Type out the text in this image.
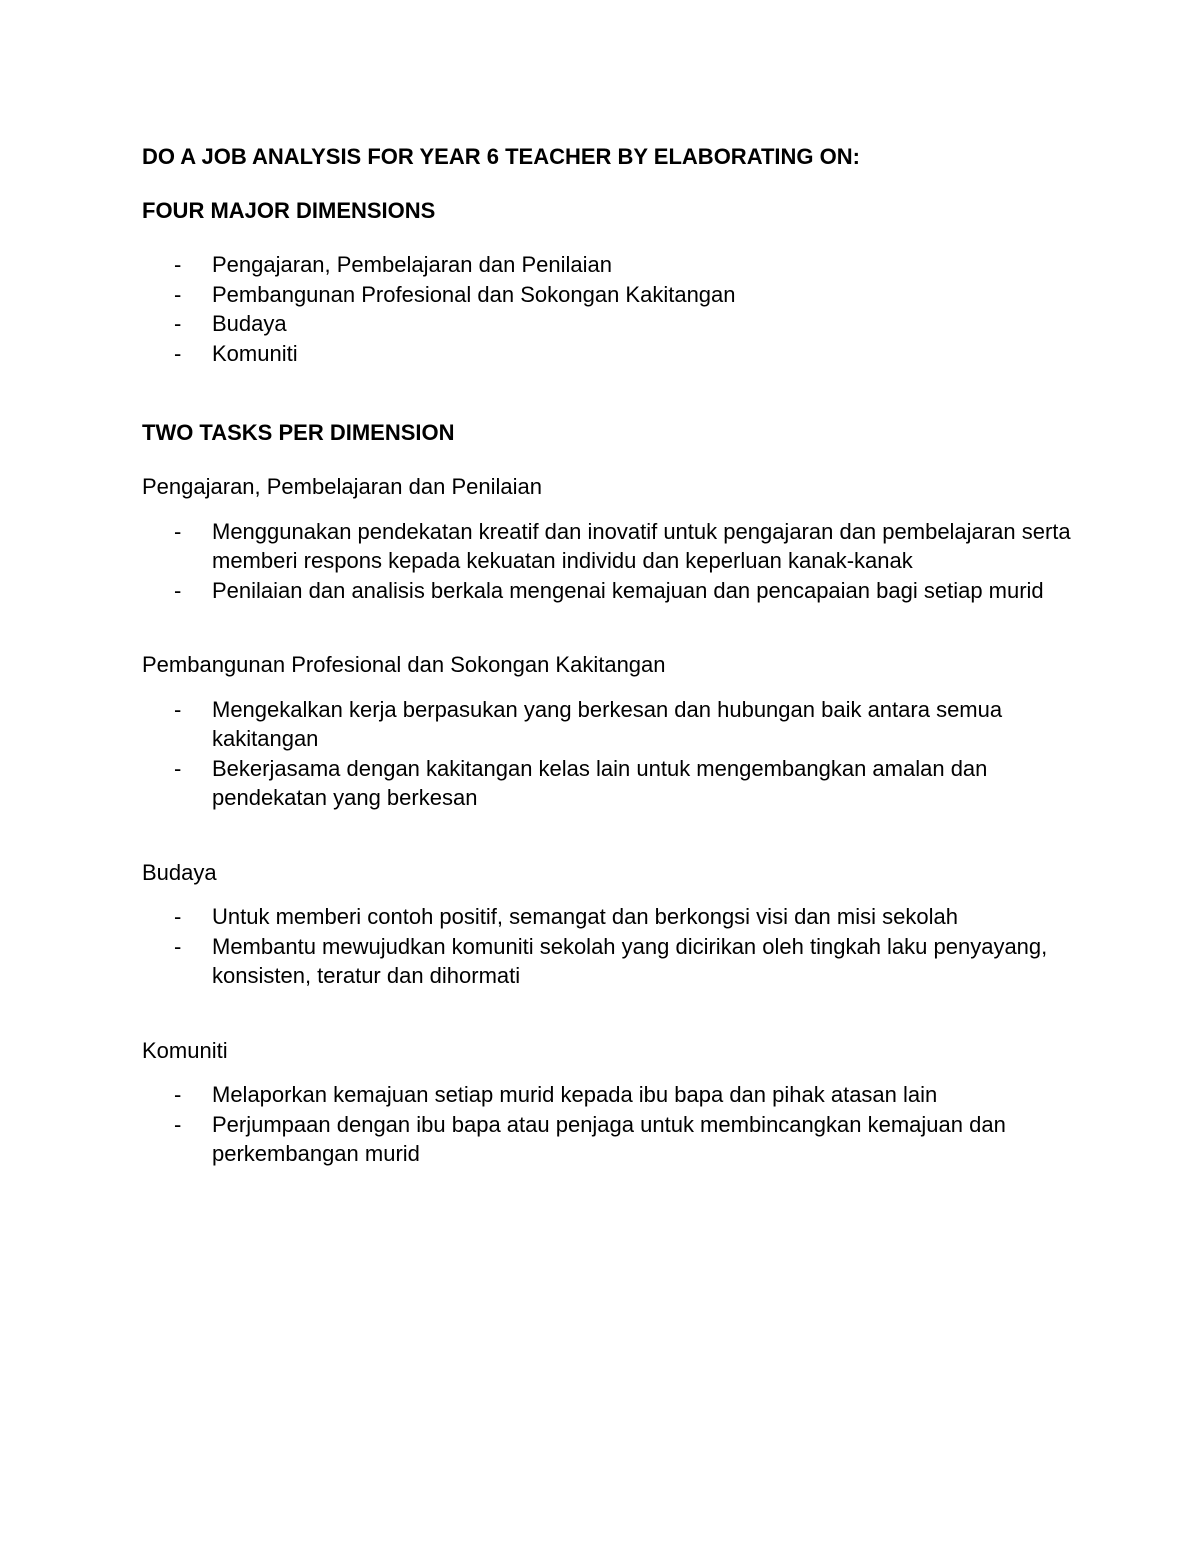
DO A JOB ANALYSIS FOR YEAR 6 TEACHER BY ELABORATING ON:
FOUR MAJOR DIMENSIONS
- Pengajaran, Pembelajaran dan Penilaian
- Pembangunan Profesional dan Sokongan Kakitangan
- Budaya
- Komuniti
TWO TASKS PER DIMENSION
Pengajaran, Pembelajaran dan Penilaian
- Menggunakan pendekatan kreatif dan inovatif untuk pengajaran dan pembelajaran serta memberi respons kepada kekuatan individu dan keperluan kanak-kanak
- Penilaian dan analisis berkala mengenai kemajuan dan pencapaian bagi setiap murid
Pembangunan Profesional dan Sokongan Kakitangan
- Mengekalkan kerja berpasukan yang berkesan dan hubungan baik antara semua kakitangan
- Bekerjasama dengan kakitangan kelas lain untuk mengembangkan amalan dan pendekatan yang berkesan
Budaya
- Untuk memberi contoh positif, semangat dan berkongsi visi dan misi sekolah
- Membantu mewujudkan komuniti sekolah yang dicirikan oleh tingkah laku penyayang, konsisten, teratur dan dihormati
Komuniti
- Melaporkan kemajuan setiap murid kepada ibu bapa dan pihak atasan lain
- Perjumpaan dengan ibu bapa atau penjaga untuk membincangkan kemajuan dan perkembangan murid
